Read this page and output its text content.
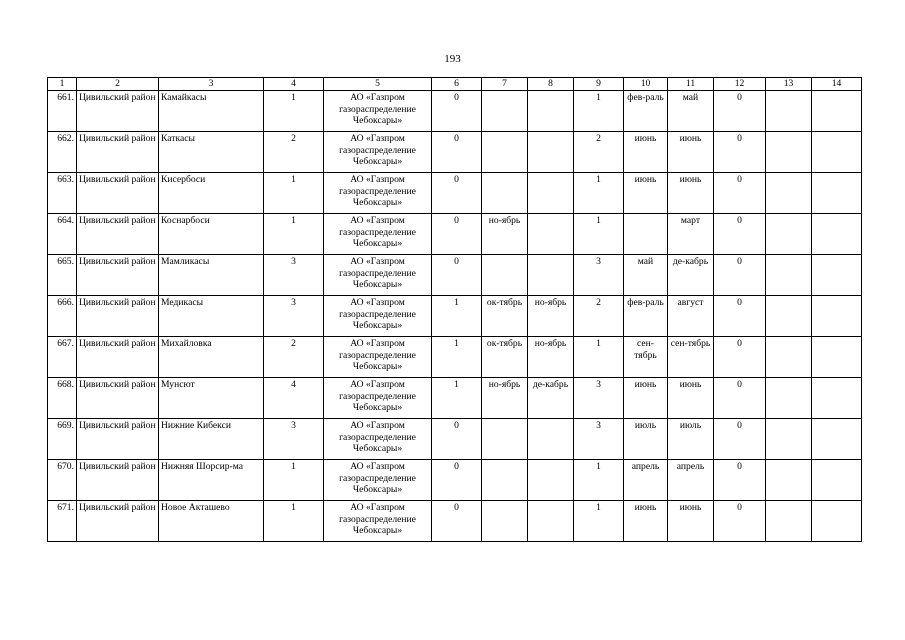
193
1	2	3	4	5	6	7	8	9	10	11	12	13	14
661.	Цивильский район	Камайкасы	1	АО «Газпром газораспределение Чебоксары»	0			1	фев-раль	май	0		
662.	Цивильский район	Каткасы	2	АО «Газпром газораспределение Чебоксары»	0			2	июнь	июнь	0		
663.	Цивильский район	Кисербоси	1	АО «Газпром газораспределение Чебоксары»	0			1	июнь	июнь	0		
664.	Цивильский район	Коснарбоси	1	АО «Газпром газораспределение Чебоксары»	0	но-ябрь		1		март	0		
665.	Цивильский район	Мамликасы	3	АО «Газпром газораспределение Чебоксары»	0			3	май	де-кабрь	0		
666.	Цивильский район	Медикасы	3	АО «Газпром газораспределение Чебоксары»	1	ок-тябрь	но-ябрь	2	фев-раль	август	0		
667.	Цивильский район	Михайловка	2	АО «Газпром газораспределение Чебоксары»	1	ок-тябрь	но-ябрь	1	сен-тябрь	сен-тябрь	0		
668.	Цивильский район	Мунсют	4	АО «Газпром газораспределение Чебоксары»	1	но-ябрь	де-кабрь	3	июнь	июнь	0		
669.	Цивильский район	Нижние Кибекси	3	АО «Газпром газораспределение Чебоксары»	0			3	июль	июль	0		
670.	Цивильский район	Нижняя Шорсир-ма	1	АО «Газпром газораспределение Чебоксары»	0			1	апрель	апрель	0		
671.	Цивильский район	Новое Акташево	1	АО «Газпром газораспределение Чебоксары»	0			1	июнь	июнь	0		
